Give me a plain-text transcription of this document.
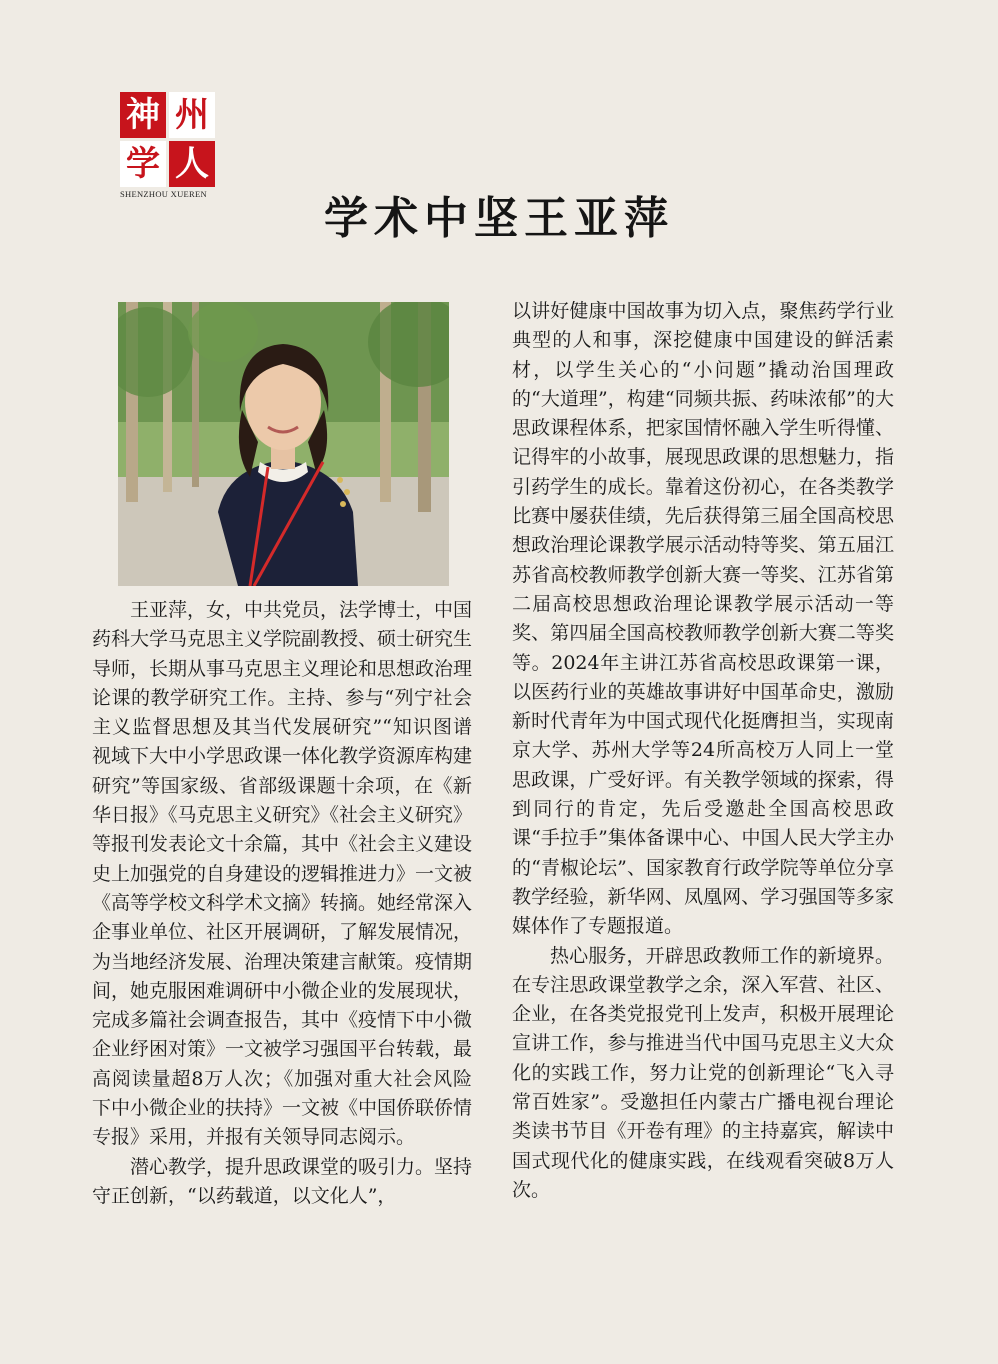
神 州
学 人
SHENZHOU XUEREN	学术中坚王亚萍

王亚萍，女，中共党员，法学博士，中国药科大学马克思主义学院副教授、硕士研究生导师，长期从事马克思主义理论和思想政治理论课的教学研究工作。主持、参与“列宁社会主义监督思想及其当代发展研究”“知识图谱视域下大中小学思政课一体化教学资源库构建研究”等国家级、省部级课题十余项，在《新华日报》《马克思主义研究》《社会主义研究》等报刊发表论文十余篇，其中《社会主义建设史上加强党的自身建设的逻辑推进力》一文被《高等学校文科学术文摘》转摘。她经常深入企事业单位、社区开展调研，了解发展情况，为当地经济发展、治理决策建言献策。疫情期间，她克服困难调研中小微企业的发展现状，完成多篇社会调查报告，其中《疫情下中小微企业纾困对策》一文被学习强国平台转载，最高阅读量超8万人次；《加强对重大社会风险下中小微企业的扶持》一文被《中国侨联侨情专报》采用，并报有关领导同志阅示。

潜心教学，提升思政课堂的吸引力。坚持守正创新，“以药载道，以文化人”，

以讲好健康中国故事为切入点，聚焦药学行业典型的人和事，深挖健康中国建设的鲜活素材，以学生关心的“小问题”撬动治国理政的“大道理”，构建“同频共振、药味浓郁”的大思政课程体系，把家国情怀融入学生听得懂、记得牢的小故事，展现思政课的思想魅力，指引药学生的成长。靠着这份初心，在各类教学比赛中屡获佳绩，先后获得第三届全国高校思想政治理论课教学展示活动特等奖、第五届江苏省高校教师教学创新大赛一等奖、江苏省第二届高校思想政治理论课教学展示活动一等奖、第四届全国高校教师教学创新大赛二等奖等。2024年主讲江苏省高校思政课第一课，以医药行业的英雄故事讲好中国革命史，激励新时代青年为中国式现代化挺膺担当，实现南京大学、苏州大学等24所高校万人同上一堂思政课，广受好评。有关教学领域的探索，得到同行的肯定，先后受邀赴全国高校思政课“手拉手”集体备课中心、中国人民大学主办的“青椒论坛”、国家教育行政学院等单位分享教学经验，新华网、凤凰网、学习强国等多家媒体作了专题报道。

热心服务，开辟思政教师工作的新境界。在专注思政课堂教学之余，深入军营、社区、企业，在各类党报党刊上发声，积极开展理论宣讲工作，参与推进当代中国马克思主义大众化的实践工作，努力让党的创新理论“飞入寻常百姓家”。受邀担任内蒙古广播电视台理论类读书节目《开卷有理》的主持嘉宾，解读中国式现代化的健康实践，在线观看突破8万人次。
